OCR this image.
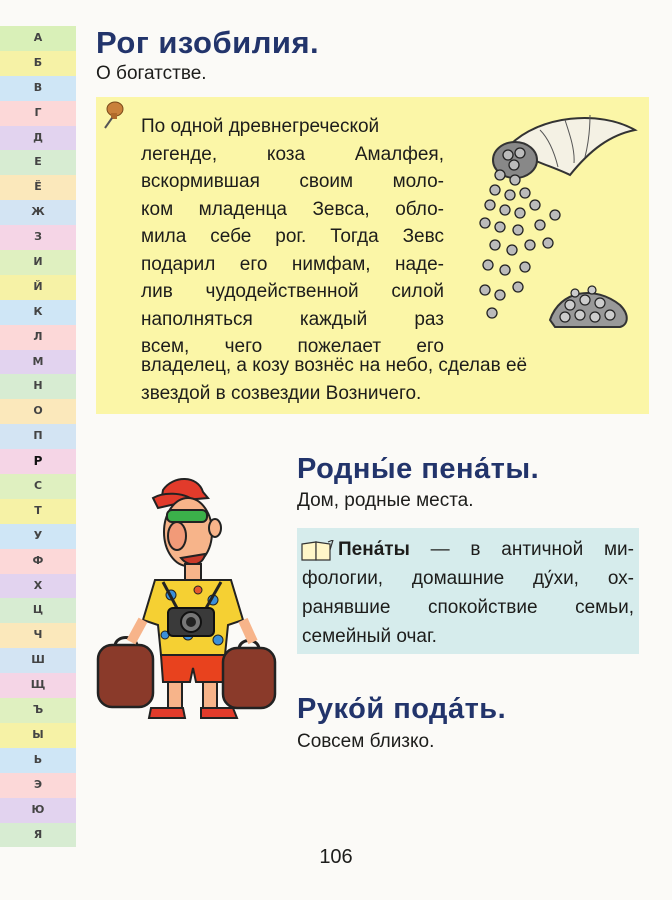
А
Б
В
Г
Д
Е
Ё
Ж
З
И
Й
К
Л
М
Н
О
П
Р
С
Т
У
Ф
Х
Ц
Ч
Ш
Щ
Ъ
Ы
Ь
Э
Ю
Я
Рог изобилия.

О богатстве.

По одной древнегреческой
легенде, коза Амалфея,
вскормившая своим моло-
ком младенца Зевса, обло-
мила себе рог. Тогда Зевс
подарил его нимфам, наде-
лив чудодейственной силой
наполняться каждый раз
всем, чего пожелает его
владелец, а козу вознёс на небо, сделав её
звездой в созвездии Возничего.
Родны́е пена́ты.

Дом, родные места.

Пена́ты — в античной ми-фологии, домашние ду́хи, ох-ранявшие спокойствие семьи, семейный очаг.

Руко́й пода́ть.

Совсем близко.

106
